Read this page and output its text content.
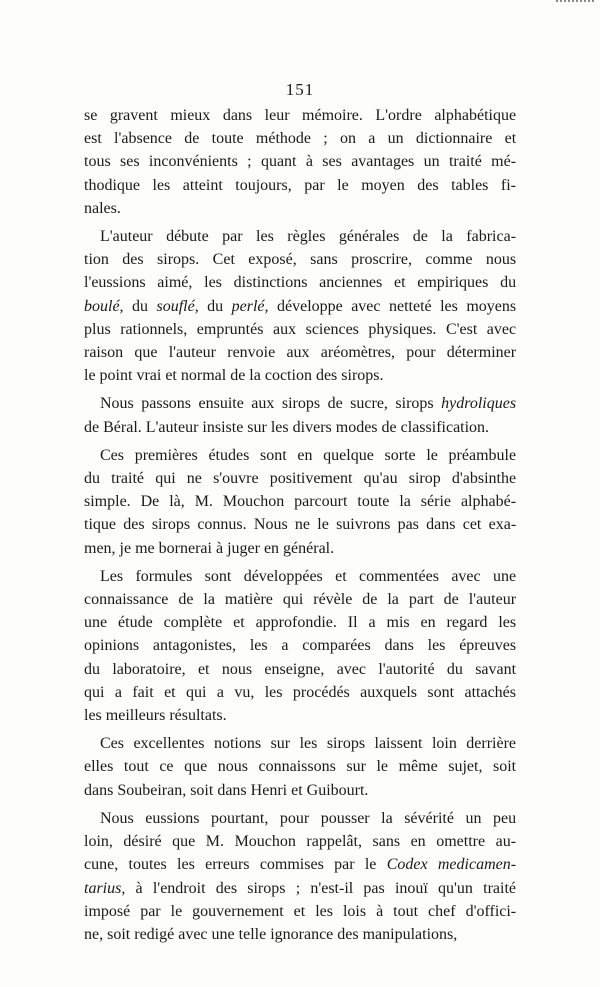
151
se gravent mieux dans leur mémoire. L'ordre alphabétique
est l'absence de toute méthode ; on a un dictionnaire et
tous ses inconvénients ; quant à ses avantages un traité mé-
thodique les atteint toujours, par le moyen des tables fi-
nales.
L'auteur débute par les règles générales de la fabrica-
tion des sirops. Cet exposé, sans proscrire, comme nous
l'eussions aimé, les distinctions anciennes et empiriques du
boulé, du souflé, du perlé, développe avec netteté les moyens
plus rationnels, empruntés aux sciences physiques. C'est avec
raison que l'auteur renvoie aux aréomètres, pour déterminer
le point vrai et normal de la coction des sirops.
Nous passons ensuite aux sirops de sucre, sirops hydroliques
de Béral. L'auteur insiste sur les divers modes de classification.
Ces premières études sont en quelque sorte le préambule
du traité qui ne s'ouvre positivement qu'au sirop d'absinthe
simple. De là, M. Mouchon parcourt toute la série alphabé-
tique des sirops connus. Nous ne le suivrons pas dans cet exa-
men, je me bornerai à juger en général.
Les formules sont développées et commentées avec une
connaissance de la matière qui révèle de la part de l'auteur
une étude complète et approfondie. Il a mis en regard les
opinions antagonistes, les a comparées dans les épreuves
du laboratoire, et nous enseigne, avec l'autorité du savant
qui a fait et qui a vu, les procédés auxquels sont attachés
les meilleurs résultats.
Ces excellentes notions sur les sirops laissent loin derrière
elles tout ce que nous connaissons sur le même sujet, soit
dans Soubeiran, soit dans Henri et Guibourt.
Nous eussions pourtant, pour pousser la sévérité un peu
loin, désiré que M. Mouchon rappelât, sans en omettre au-
cune, toutes les erreurs commises par le Codex medicamen-
tarius, à l'endroit des sirops ; n'est-il pas inouï qu'un traité
imposé par le gouvernement et les lois à tout chef d'offici-
ne, soit redigé avec une telle ignorance des manipulations,
